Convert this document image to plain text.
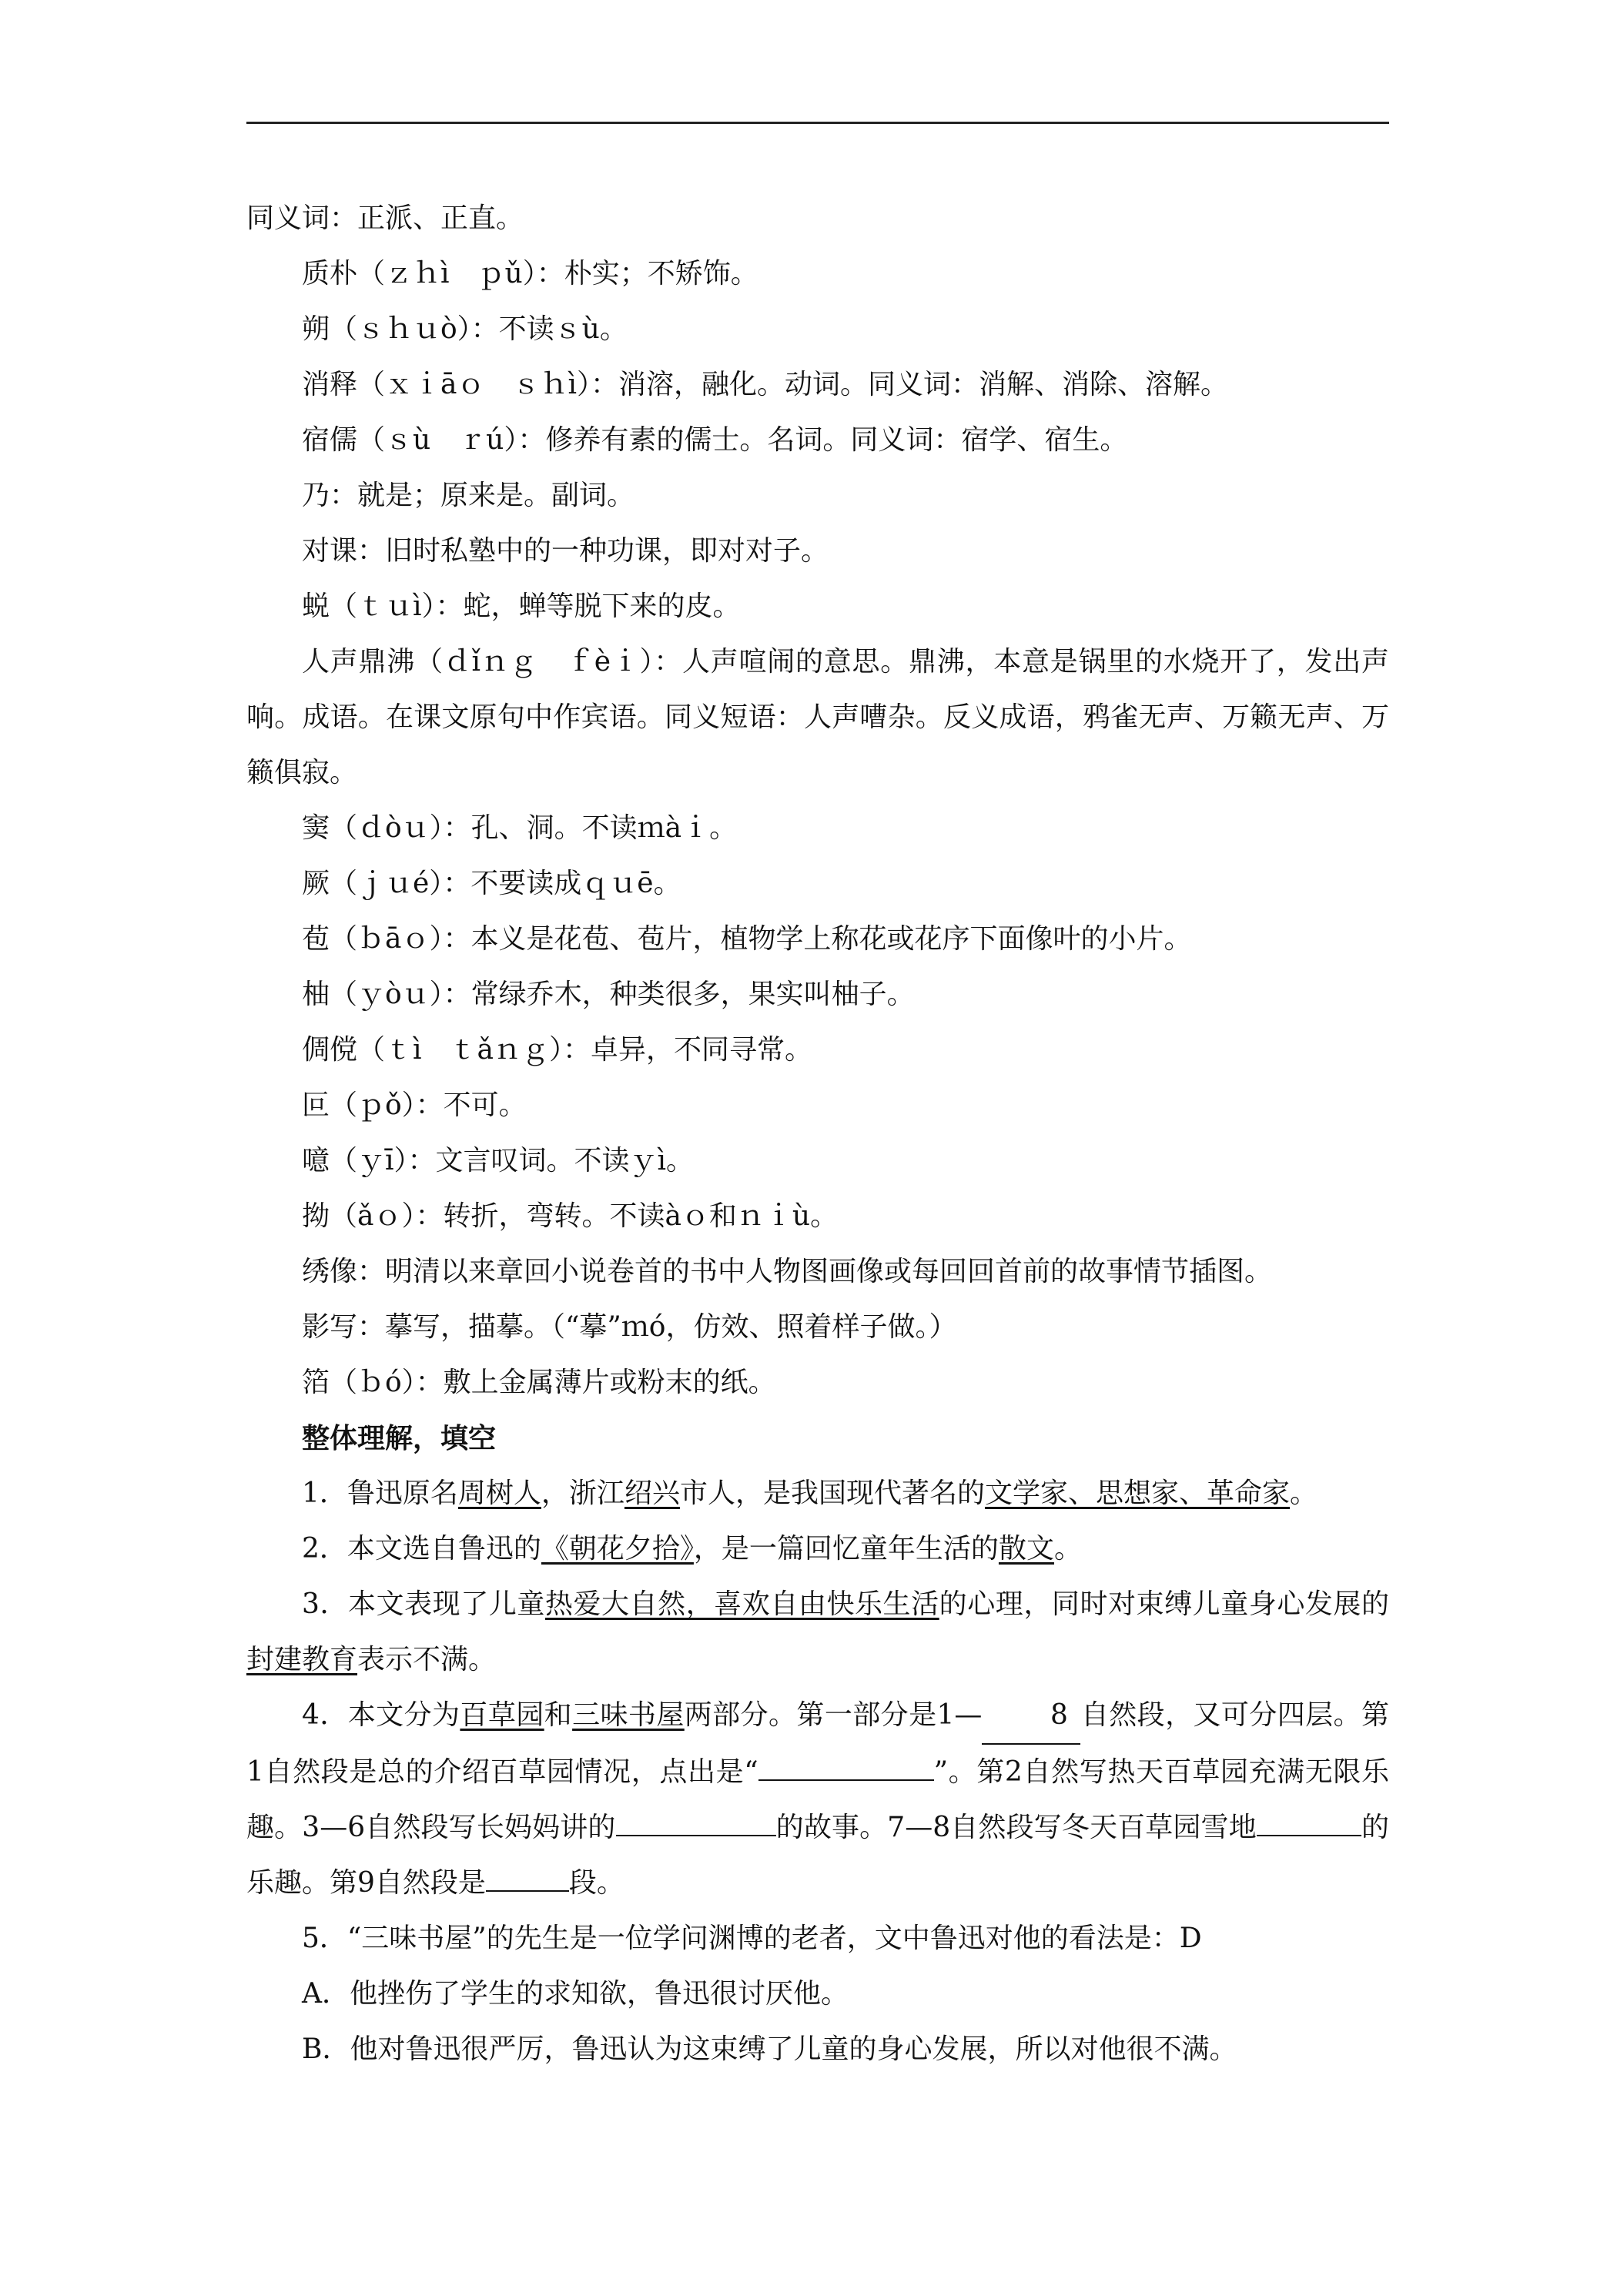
同义词：正派、正直。

质朴（ｚｈì　ｐǔ）：朴实；不矫饰。

朔（ｓｈｕò）：不读ｓù。

消释（ｘｉāｏ　ｓｈì）：消溶，融化。动词。同义词：消解、消除、溶解。

宿儒（ｓù　ｒú）：修养有素的儒士。名词。同义词：宿学、宿生。

乃：就是；原来是。副词。

对课：旧时私塾中的一种功课，即对对子。

蜕（ｔｕì）：蛇，蝉等脱下来的皮。

人声鼎沸（ｄǐｎｇ　ｆèｉ）：人声喧闹的意思。鼎沸，本意是锅里的水烧开了，发出声响。成语。在课文原句中作宾语。同义短语：人声嘈杂。反义成语，鸦雀无声、万籁无声、万籁俱寂。

窦（ｄòｕ）：孔、洞。不读ｍàｉ。

厥（ｊｕé）：不要读成ｑｕē。

苞（ｂāｏ）：本义是花苞、苞片，植物学上称花或花序下面像叶的小片。

柚（ｙòｕ）：常绿乔木，种类很多，果实叫柚子。

倜傥（ｔì　ｔǎｎｇ）：卓异，不同寻常。

叵（ｐǒ）：不可。

噫（ｙī）：文言叹词。不读ｙì。

拗（ǎｏ）：转折，弯转。不读àｏ和ｎｉù。

绣像：明清以来章回小说卷首的书中人物图画像或每回回首前的故事情节插图。

影写：摹写，描摹。（“摹”ｍó，仿效、照着样子做。）

箔（ｂó）：敷上金属薄片或粉末的纸。

整体理解，填空

1．鲁迅原名周树人，浙江绍兴市人，是我国现代著名的文学家、思想家、革命家。

2．本文选自鲁迅的《朝花夕拾》，是一篇回忆童年生活的散文。

3．本文表现了儿童热爱大自然，喜欢自由快乐生活的心理，同时对束缚儿童身心发展的封建教育表示不满。

4．本文分为百草园和三味书屋两部分。第一部分是1— 8 自然段，又可分四层。第1自然段是总的介绍百草园情况，点出是“	”。第2自然写热天百草园充满无限乐趣。3—6自然段写长妈妈讲的	的故事。7—8自然段写冬天百草园雪地	的乐趣。第9自然段是	段。

5．“三味书屋”的先生是一位学问渊博的老者，文中鲁迅对他的看法是：D

A．他挫伤了学生的求知欲，鲁迅很讨厌他。

B．他对鲁迅很严厉，鲁迅认为这束缚了儿童的身心发展，所以对他很不满。
